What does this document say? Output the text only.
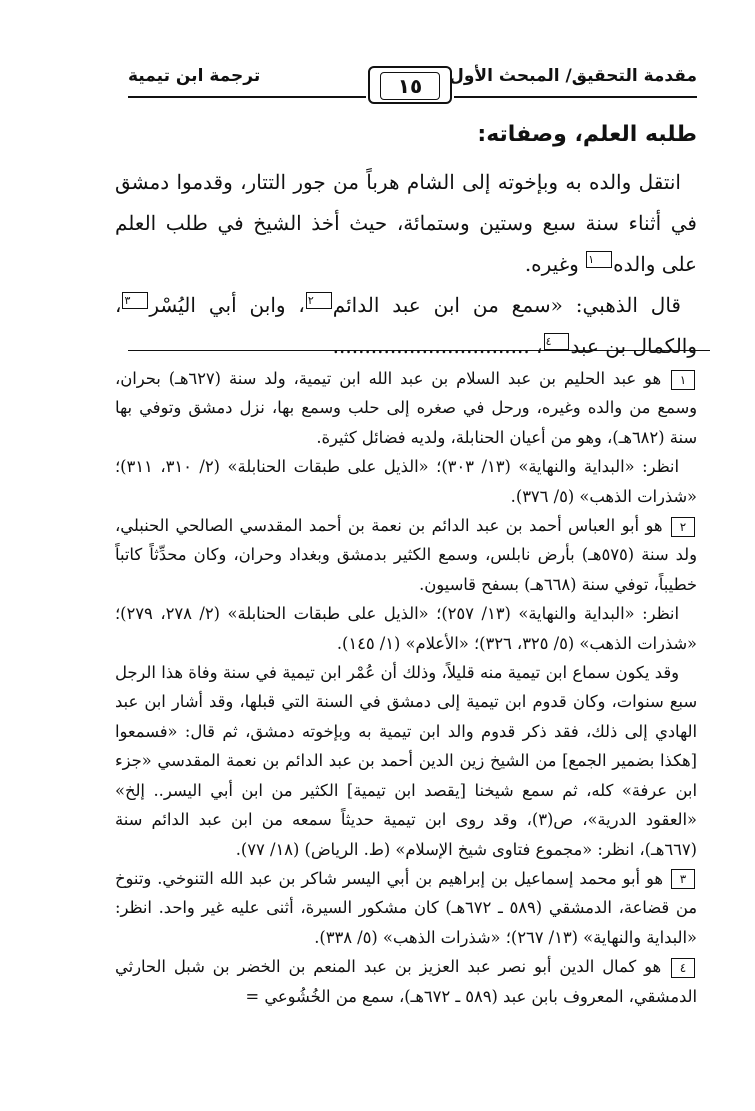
مقدمة التحقيق/ المبحث الأول
ترجمة ابن تيمية	١٥
طلبه العلم، وصفاته:

انتقل والده به وبإخوته إلى الشام هرباً من جور التتار، وقدموا دمشق في أثناء سنة سبع وستين وستمائة، حيث أخذ الشيخ في طلب العلم على والده١ وغيره.

قال الذهبي: «سمع من ابن عبد الدائم٢، وابن أبي اليُسْر٣، والكمال بن عبد٤، ...............................

١ هو عبد الحليم بن عبد السلام بن عبد الله ابن تيمية، ولد سنة (٦٢٧هـ) بحران، وسمع من والده وغيره، ورحل في صغره إلى حلب وسمع بها، نزل دمشق وتوفي بها سنة (٦٨٢هـ)، وهو من أعيان الحنابلة، ولديه فضائل كثيرة.

انظر: «البداية والنهاية» (١٣/ ٣٠٣)؛ «الذيل على طبقات الحنابلة» (٢/ ٣١٠، ٣١١)؛ «شذرات الذهب» (٥/ ٣٧٦).

٢ هو أبو العباس أحمد بن عبد الدائم بن نعمة بن أحمد المقدسي الصالحي الحنبلي، ولد سنة (٥٧٥هـ) بأرض نابلس، وسمع الكثير بدمشق وبغداد وحران، وكان محدِّثاً كاتباً خطيباً، توفي سنة (٦٦٨هـ) بسفح قاسيون.

انظر: «البداية والنهاية» (١٣/ ٢٥٧)؛ «الذيل على طبقات الحنابلة» (٢/ ٢٧٨، ٢٧٩)؛ «شذرات الذهب» (٥/ ٣٢٥، ٣٢٦)؛ «الأعلام» (١/ ١٤٥).

وقد يكون سماع ابن تيمية منه قليلاً، وذلك أن عُمْر ابن تيمية في سنة وفاة هذا الرجل سبع سنوات، وكان قدوم ابن تيمية إلى دمشق في السنة التي قبلها، وقد أشار ابن عبد الهادي إلى ذلك، فقد ذكر قدوم والد ابن تيمية به وبإخوته دمشق، ثم قال: «فسمعوا [هكذا بضمير الجمع] من الشيخ زين الدين أحمد بن عبد الدائم بن نعمة المقدسي «جزء ابن عرفة» كله، ثم سمع شيخنا [يقصد ابن تيمية] الكثير من ابن أبي اليسر.. إلخ» «العقود الدرية»، ص(٣)، وقد روى ابن تيمية حديثاً سمعه من ابن عبد الدائم سنة (٦٦٧هـ)، انظر: «مجموع فتاوى شيخ الإسلام» (ط. الرياض) (١٨/ ٧٧).

٣ هو أبو محمد إسماعيل بن إبراهيم بن أبي اليسر شاكر بن عبد الله التنوخي. وتنوخ من قضاعة، الدمشقي (٥٨٩ ـ ٦٧٢هـ) كان مشكور السيرة، أثنى عليه غير واحد. انظر: «البداية والنهاية» (١٣/ ٢٦٧)؛ «شذرات الذهب» (٥/ ٣٣٨).

٤ هو كمال الدين أبو نصر عبد العزيز بن عبد المنعم بن الخضر بن شبل الحارثي الدمشقي، المعروف بابن عبد (٥٨٩ ـ ٦٧٢هـ)، سمع من الخُشُوعي =
